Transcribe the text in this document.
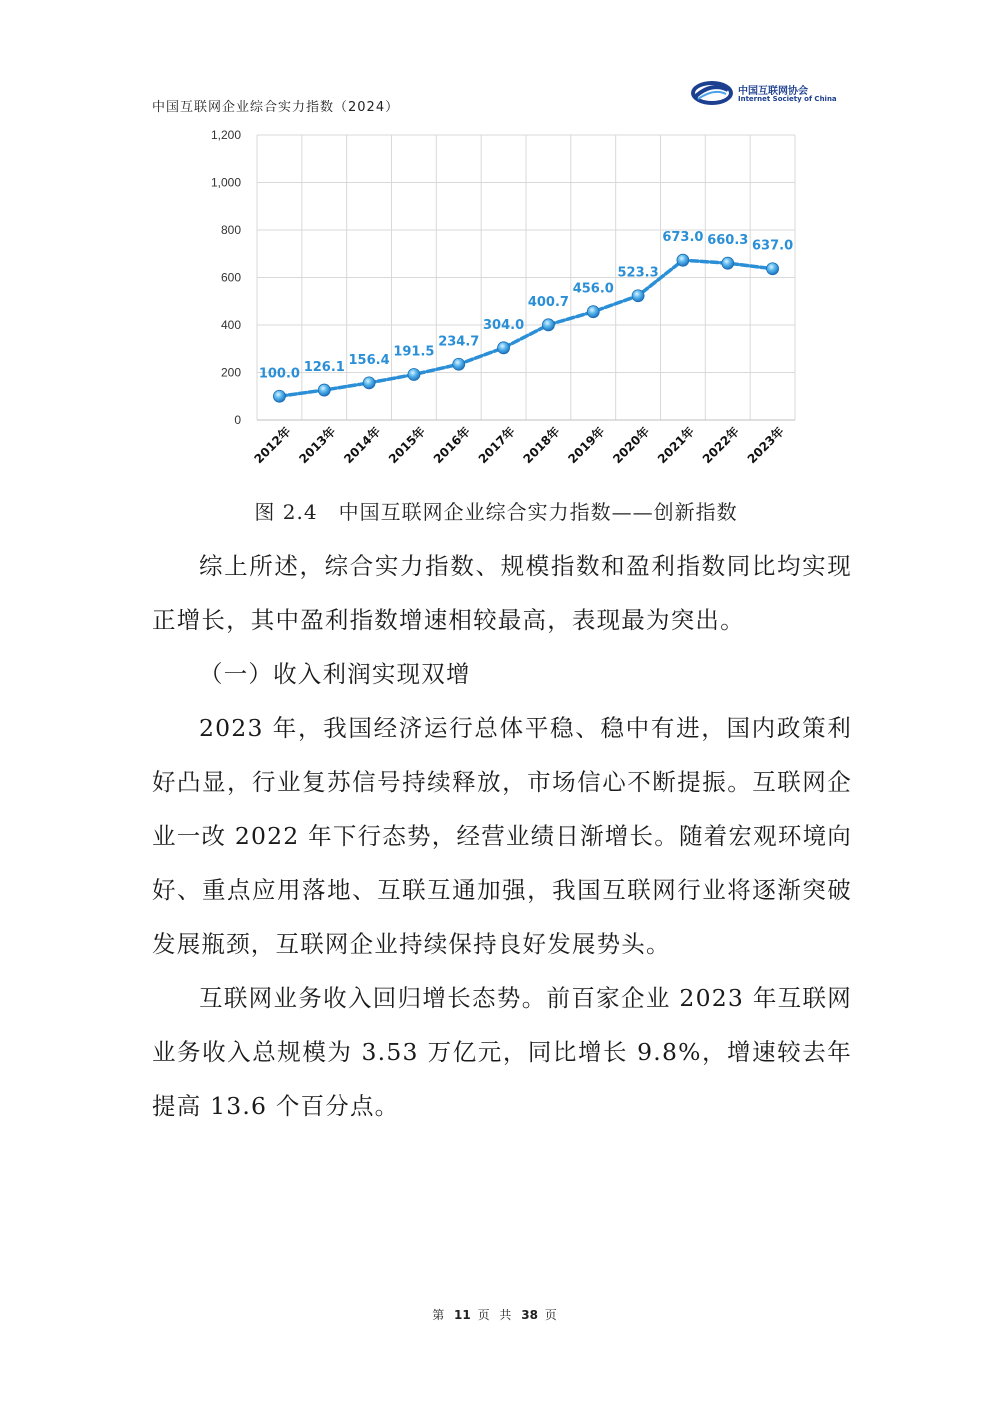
中国互联网企业综合实力指数（2024）
中国互联网协会
Internet Society of China
0
200
400
600
800
1,000
1,200
2012年 2013年 2014年 2015年 2016年 2017年 2018年 2019年 2020年 2021年 2022年 2023年
100.0 126.1 156.4
191.5
234.7
304.0
400.7
456.0
523.3
673.0 660.3 637.0
图 2.4　中国互联网企业综合实力指数——创新指数
综上所述，综合实力指数、规模指数和盈利指数同比均实现正增长，其中盈利指数增速相较最高，表现最为突出。
（一）收入利润实现双增
2023 年，我国经济运行总体平稳、稳中有进，国内政策利好凸显，行业复苏信号持续释放，市场信心不断提振。互联网企业一改 2022 年下行态势，经营业绩日渐增长。随着宏观环境向好、重点应用落地、互联互通加强，我国互联网行业将逐渐突破发展瓶颈，互联网企业持续保持良好发展势头。
互联网业务收入回归增长态势。前百家企业 2023 年互联网业务收入总规模为 3.53 万亿元，同比增长 9.8%，增速较去年提高 13.6 个百分点。
第 11 页 共 38 页
